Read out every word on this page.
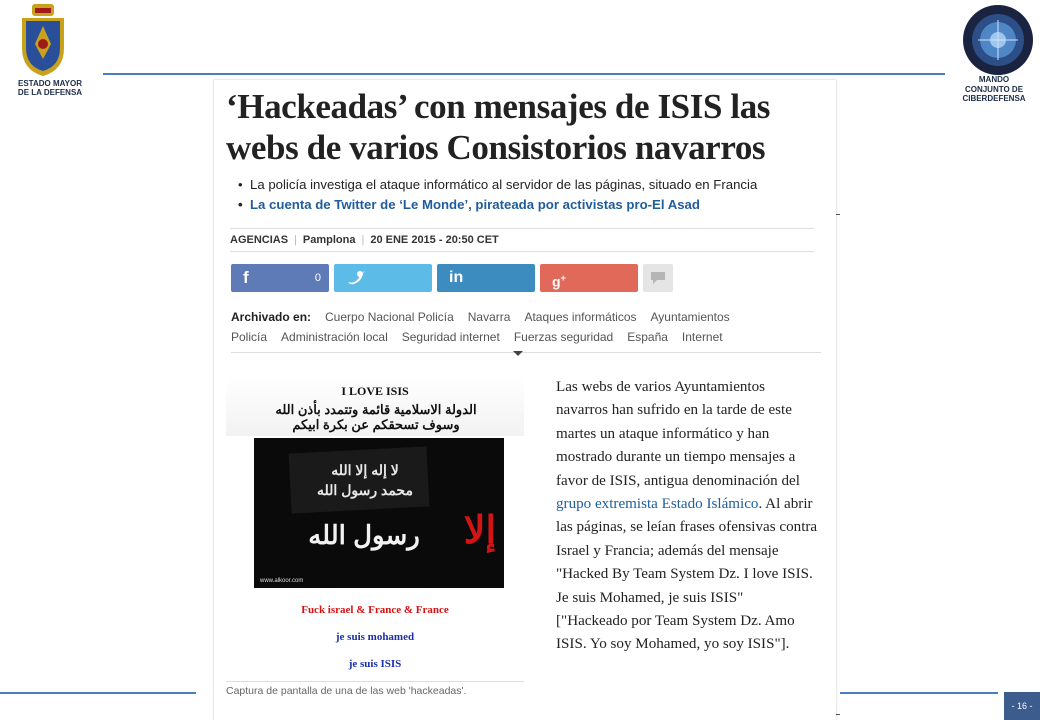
ESTADO MAYOR
DE LA DEFENSA
MANDO
CONJUNTO DE
CIBERDEFENSA
- 16 -
‘Hackeadas’ con mensajes de ISIS las webs de varios Consistorios navarros
• La policía investiga el ataque informático al servidor de las páginas, situado en Francia
• La cuenta de Twitter de ‘Le Monde’, pirateada por activistas pro-El Asad
AGENCIAS | Pamplona | 20 ENE 2015 - 20:50 CET
f	0	in	g+
Archivado en: Cuerpo Nacional Policía Navarra Ataques informáticos Ayuntamientos
Policía Administración local Seguridad internet Fuerzas seguridad España Internet
I LOVE ISIS
الدولة الاسلامية قائمة وتتمدد بأذن الله
وسوف تسحقكم عن بكرة ابيكم
لا إله إلا الله
محمد رسول الله
رسول الله	إلا
www.alkoor.com
Fuck israel & France & France
je suis mohamed
je suis ISIS
Captura de pantalla de una de las web 'hackeadas'.

Las webs de varios Ayuntamientos navarros han sufrido en la tarde de este martes un ataque informático y han mostrado durante un tiempo mensajes a favor de ISIS, antigua denominación del grupo extremista Estado Islámico. Al abrir las páginas, se leían frases ofensivas contra Israel y Francia; además del mensaje "Hacked By Team System Dz. I love ISIS. Je suis Mohamed, je suis ISIS" ["Hackeado por Team System Dz. Amo ISIS. Yo soy Mohamed, yo soy ISIS"].
